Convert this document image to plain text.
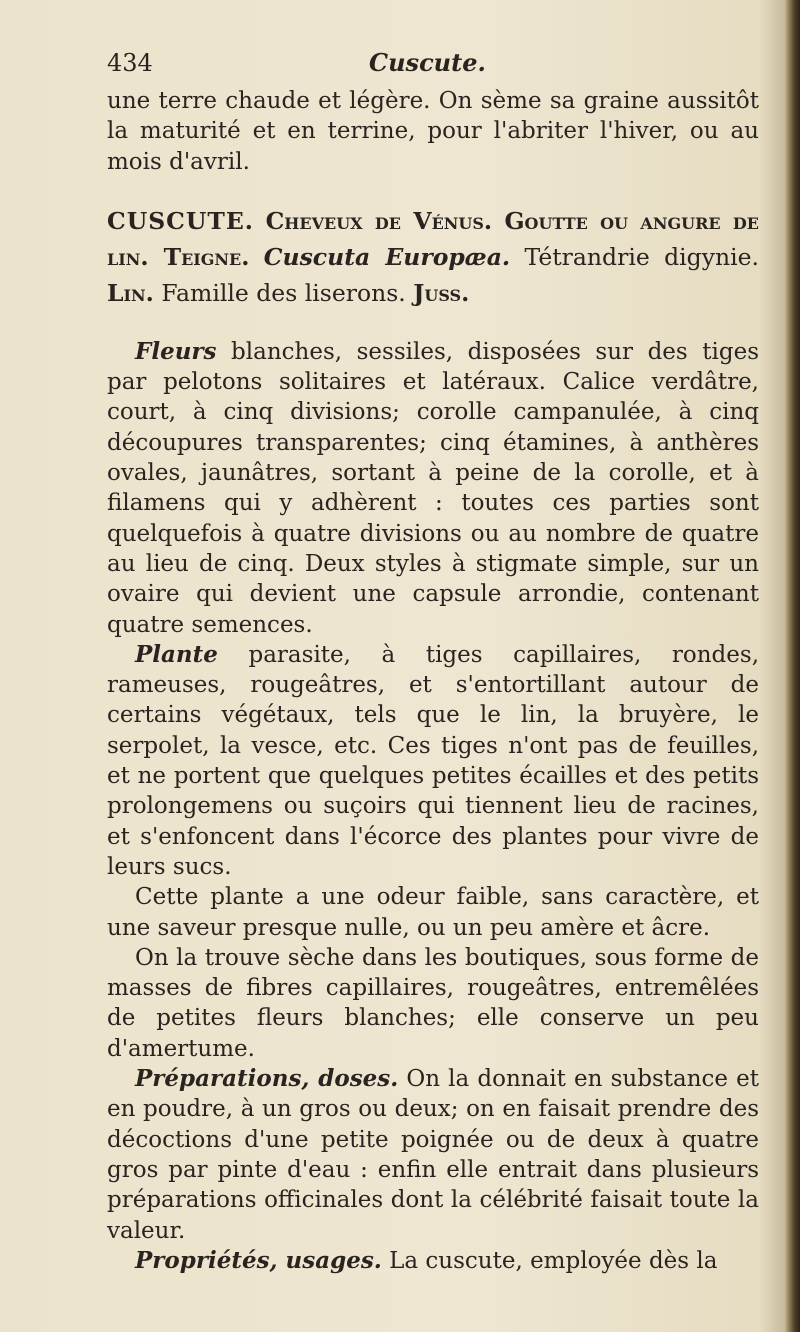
434	Cuscute.

une terre chaude et légère. On sème sa graine aussitôt la maturité et en terrine, pour l'abriter l'hiver, ou au mois d'avril.

CUSCUTE. Cheveux de Vénus. Goutte ou angure de lin. Teigne. Cuscuta Europæa. Tétrandrie digynie. Lin. Famille des liserons. Juss.

Fleurs blanches, sessiles, disposées sur des tiges par pelotons solitaires et latéraux. Calice verdâtre, court, à cinq divisions; corolle campanulée, à cinq découpures transparentes; cinq étamines, à anthères ovales, jaunâtres, sortant à peine de la corolle, et à filamens qui y adhèrent : toutes ces parties sont quelquefois à quatre divisions ou au nombre de quatre au lieu de cinq. Deux styles à stigmate simple, sur un ovaire qui devient une capsule arrondie, contenant quatre semences.

Plante parasite, à tiges capillaires, rondes, rameuses, rougeâtres, et s'entortillant autour de certains végétaux, tels que le lin, la bruyère, le serpolet, la vesce, etc. Ces tiges n'ont pas de feuilles, et ne portent que quelques petites écailles et des petits prolongemens ou suçoirs qui tiennent lieu de racines, et s'enfoncent dans l'écorce des plantes pour vivre de leurs sucs.

Cette plante a une odeur faible, sans caractère, et une saveur presque nulle, ou un peu amère et âcre.

On la trouve sèche dans les boutiques, sous forme de masses de fibres capillaires, rougeâtres, entremêlées de petites fleurs blanches; elle conserve un peu d'amertume.

Préparations, doses. On la donnait en substance et en poudre, à un gros ou deux; on en faisait prendre des décoctions d'une petite poignée ou de deux à quatre gros par pinte d'eau : enfin elle entrait dans plusieurs préparations officinales dont la célébrité faisait toute la valeur.

Propriétés, usages. La cuscute, employée dès la
